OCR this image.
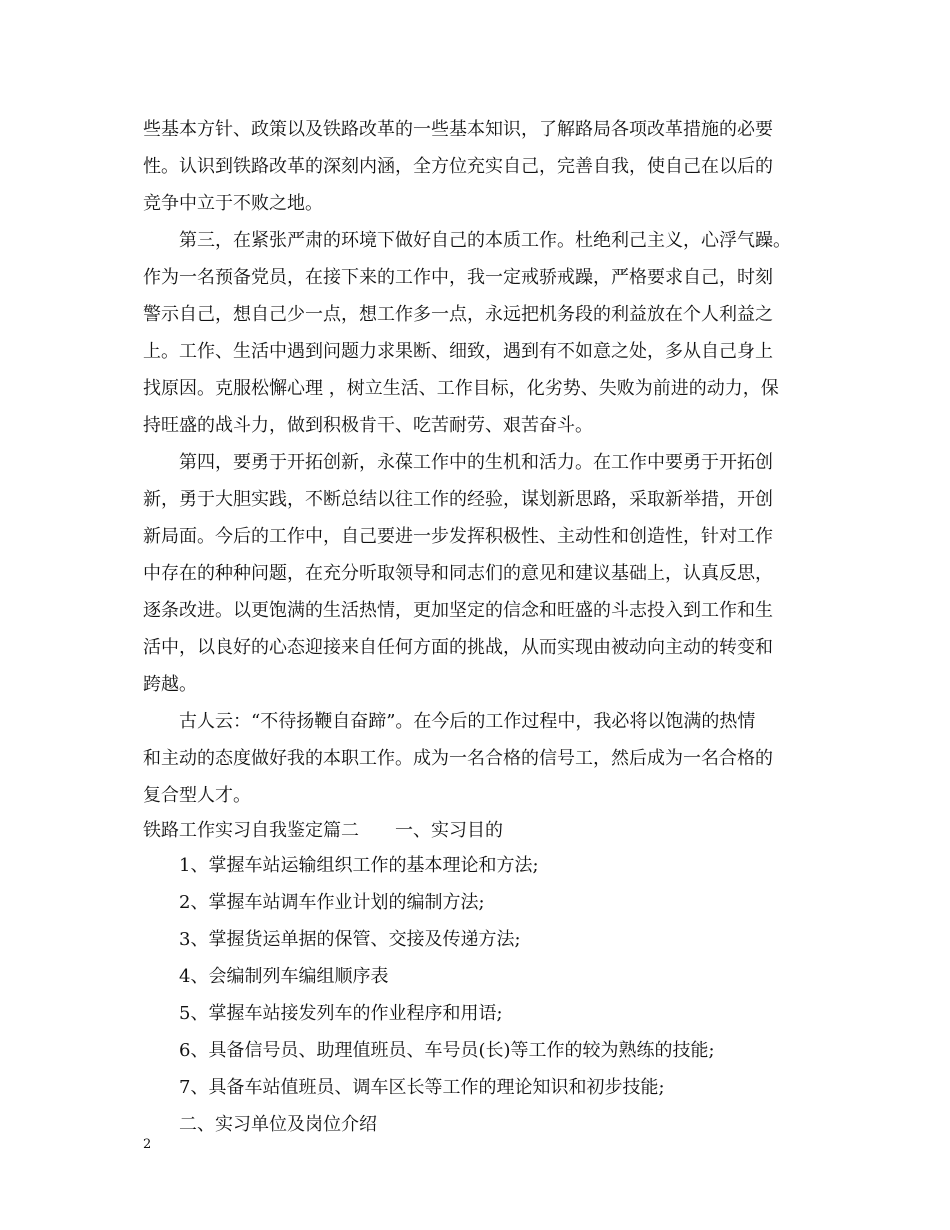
些基本方针、政策以及铁路改革的一些基本知识，了解路局各项改革措施的必要
性。认识到铁路改革的深刻内涵，全方位充实自己，完善自我，使自己在以后的
竞争中立于不败之地。
第三，在紧张严肃的环境下做好自己的本质工作。杜绝利己主义，心浮气躁。
作为一名预备党员，在接下来的工作中，我一定戒骄戒躁，严格要求自己，时刻
警示自己，想自己少一点，想工作多一点，永远把机务段的利益放在个人利益之
上。工作、生活中遇到问题力求果断、细致，遇到有不如意之处，多从自己身上
找原因。克服松懈心理 ，树立生活、工作目标，化劣势、失败为前进的动力，保
持旺盛的战斗力，做到积极肯干、吃苦耐劳、艰苦奋斗。
第四，要勇于开拓创新，永葆工作中的生机和活力。在工作中要勇于开拓创
新，勇于大胆实践，不断总结以往工作的经验，谋划新思路，采取新举措，开创
新局面。今后的工作中，自己要进一步发挥积极性、主动性和创造性，针对工作
中存在的种种问题，在充分听取领导和同志们的意见和建议基础上，认真反思，
逐条改进。以更饱满的生活热情，更加坚定的信念和旺盛的斗志投入到工作和生
活中，以良好的心态迎接来自任何方面的挑战，从而实现由被动向主动的转变和
跨越。
古人云：“不待扬鞭自奋蹄”。在今后的工作过程中，我必将以饱满的热情
和主动的态度做好我的本职工作。成为一名合格的信号工，然后成为一名合格的
复合型人才。
铁路工作实习自我鉴定篇二　　一、实习目的
1、掌握车站运输组织工作的基本理论和方法;
2、掌握车站调车作业计划的编制方法;
3、掌握货运单据的保管、交接及传递方法;
4、会编制列车编组顺序表
5、掌握车站接发列车的作业程序和用语;
6、具备信号员、助理值班员、车号员(长)等工作的较为熟练的技能;
7、具备车站值班员、调车区长等工作的理论知识和初步技能;
二、实习单位及岗位介绍
2
